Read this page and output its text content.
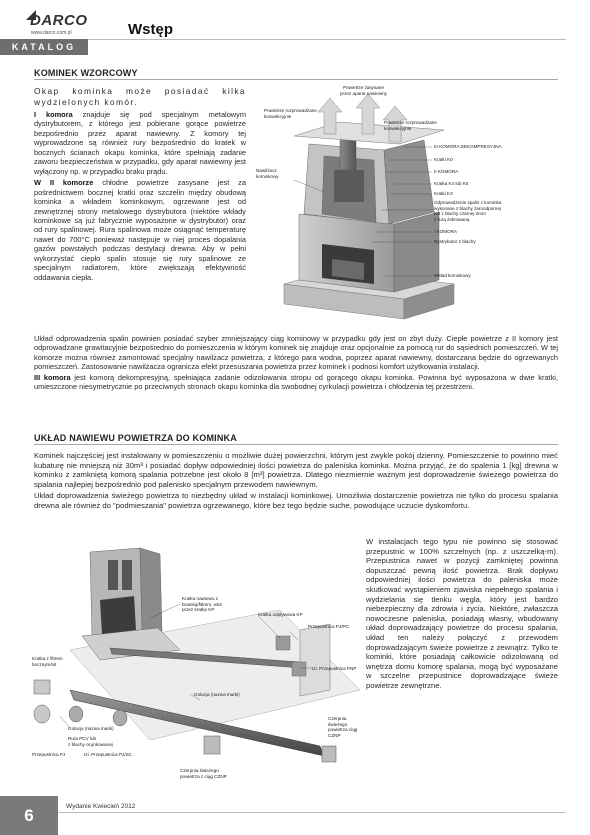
DARCO
www.darco.com.pl
KATALOG
Wstęp
KOMINEK WZORCOWY

Okap kominka może posiadać kilka wydzielonych komór.

I komora znajduje się pod specjalnym metalowym dystrybutorem, z którego jest pobierane gorące powietrze bezpośrednio przez aparat nawiewny. Z komory tej wyprowadzone są również rury bezpośrednio do kratek w bocznych ścianach okapu kominka, które spełniają zadanie zaworu bezpieczeństwa w przypadku, gdy aparat nawiewny jest wyłączony np. w przypadku braku prądu.

W II komorze chłodne powietrze zasysane jest za pośrednictwem bocznej kratki oraz szczelin między obudową kominka a wkładem kominkowym, ogrzewane jest od zewnętrznej strony metalowego dystrybutora (niektóre wkłady kominkowe są już fabrycznie wyposażone w dystrybutor) oraz od rury spalinowej. Rura spalinowa może osiągnąć temperaturę nawet do 700°C ponieważ następuje w niej proces dopalania gazów powstałych podczas destylacji drewna. Aby w pełni wykorzystać ciepło spalin stosuje się rury spalinowe ze specjalnym radiatorem, które zwiększają efektywność oddawania ciepła.

Powietrze zasysane
przez aparat nawiewny
Powietrze rozprowadzane
konwekcyjnie
Powietrze rozprowadzane
konwekcyjnie
III KOMORA DEKOMPRESYJNA
Kratki K0
II KOMORA
Kratka K4 lub K5
Kratki K3
Odprowadzenie spalin z kominka
wykonane z blachy żaroodpornej
lub z blachy czarnej 2mm
z rurą żebrowaną
I KOMORA
Dystrybutor z blachy
Nawilżacz
kominkowy
Wkład kominkowy

Układ odprowadzenia spalin powinien posiadać szyber zmniejszający ciąg kominowy w przypadku gdy jest on zbyt duży. Ciepłe powietrze z II komory jest odprowadzane grawitacyjnie bezpośrednio do pomieszczenia w którym kominek się znajduje oraz opcjonalnie za pomocą rur do sąsiednich pomieszczeń. W tej komorze można również zamontować specjalny nawilżacz powietrza, z którego para wodna, poprzez aparat nawiewny, dostarczana będzie do ogrzewanych pomieszczeń. Zastosowanie nawilżacza ogranicza efekt przesuszania powietrza przez kominek i podnosi komfort użytkowania instalacji.

III komora jest komorą dekompresyjną, spełniająca zadanie odizolowania stropu od gorącego okapu kominka. Powinna być wyposażona w dwie kratki, umieszczone niesymetrycznie po przeciwnych stronach okapu kominka dla swobodnej cyrkulacji powietrza i chłodzenia tej przestrzeni.

UKŁAD NAWIEWU POWIETRZA DO KOMINKA

Kominek najczęściej jest instalowany w pomieszczeniu o możliwie dużej powierzchni, którym jest zwykle pokój dzienny. Pomieszczenie to powinno mieć kubaturę nie mniejszą niż 30m³ i posiadać dopływ odpowiedniej ilości powietrza do paleniska kominka. Można przyjąć, że do spalenia 1 [kg] drewna w kominku z zamkniętą komorą spalania potrzebne jest około 8 [m³] powietrza. Dlatego niezmiernie ważnym jest doprowadzenie świeżego powietrza do spalania najlepiej bezpośrednio pod palenisko specjalnym przewodem nawiewnym.

Układ doprowadzenia świeżego powietrza to niezbędny układ w instalacji kominkowej. Umożliwia dostarczenie powietrza nie tylko do procesu spalania drewna ale również do "podmieszania" powietrza ogrzewanego, które bez tego będzie suche, powodujące uczucie dyskomfortu.

Kratka nawiewu z
bramką/filtrem, wlot
przez kratkę KP
Kratka odpływowa KP
Przepustnica PJ/PC
Izi. Przepustnica PNP
Izolacja (nazwa marki)
Izolacja (nazwa marki)
Rura PCV lub
z blachy ocynkowanej
Przepustnica PJ	Izi. Przepustnica PJ/SC
Czerpnia świeżego
powietrza ciąg CZNP
Czerpnia świeżego
powietrza z ciąg CZNP
Kratka z filtrem
bocznym/sit

W instalacjach tego typu nie powinno się stosować przepustnic w 100% szczelnych (np. z uszczelką-m). Przepustnica nawet w pozycji zamkniętej powinna dopuszczać pewną ilość powietrza. Brak dopływu odpowiedniej ilości powietrza do paleniska może skutkować wystąpieniem zjawiska niepełnego spalania i wydzielania się tlenku węgla, który jest bardzo niebezpieczny dla zdrowia i życia. Niektóre, zwłaszcza nowoczesne paleniska, posiadają własny, wbudowany układ doprowadzający powietrze do procesu spalania, układ ten należy połączyć z przewodem doprowadzającym świeże powietrze z zewnątrz. Tylko te kominki, które posiadają całkowicie odizolowaną od wnętrza domu komorę spalania, mogą być wyposażane w szczelne przepustnice doprowadzające świeże powietrze zewnętrzne.

6	Wydanie Kwiecień 2012
